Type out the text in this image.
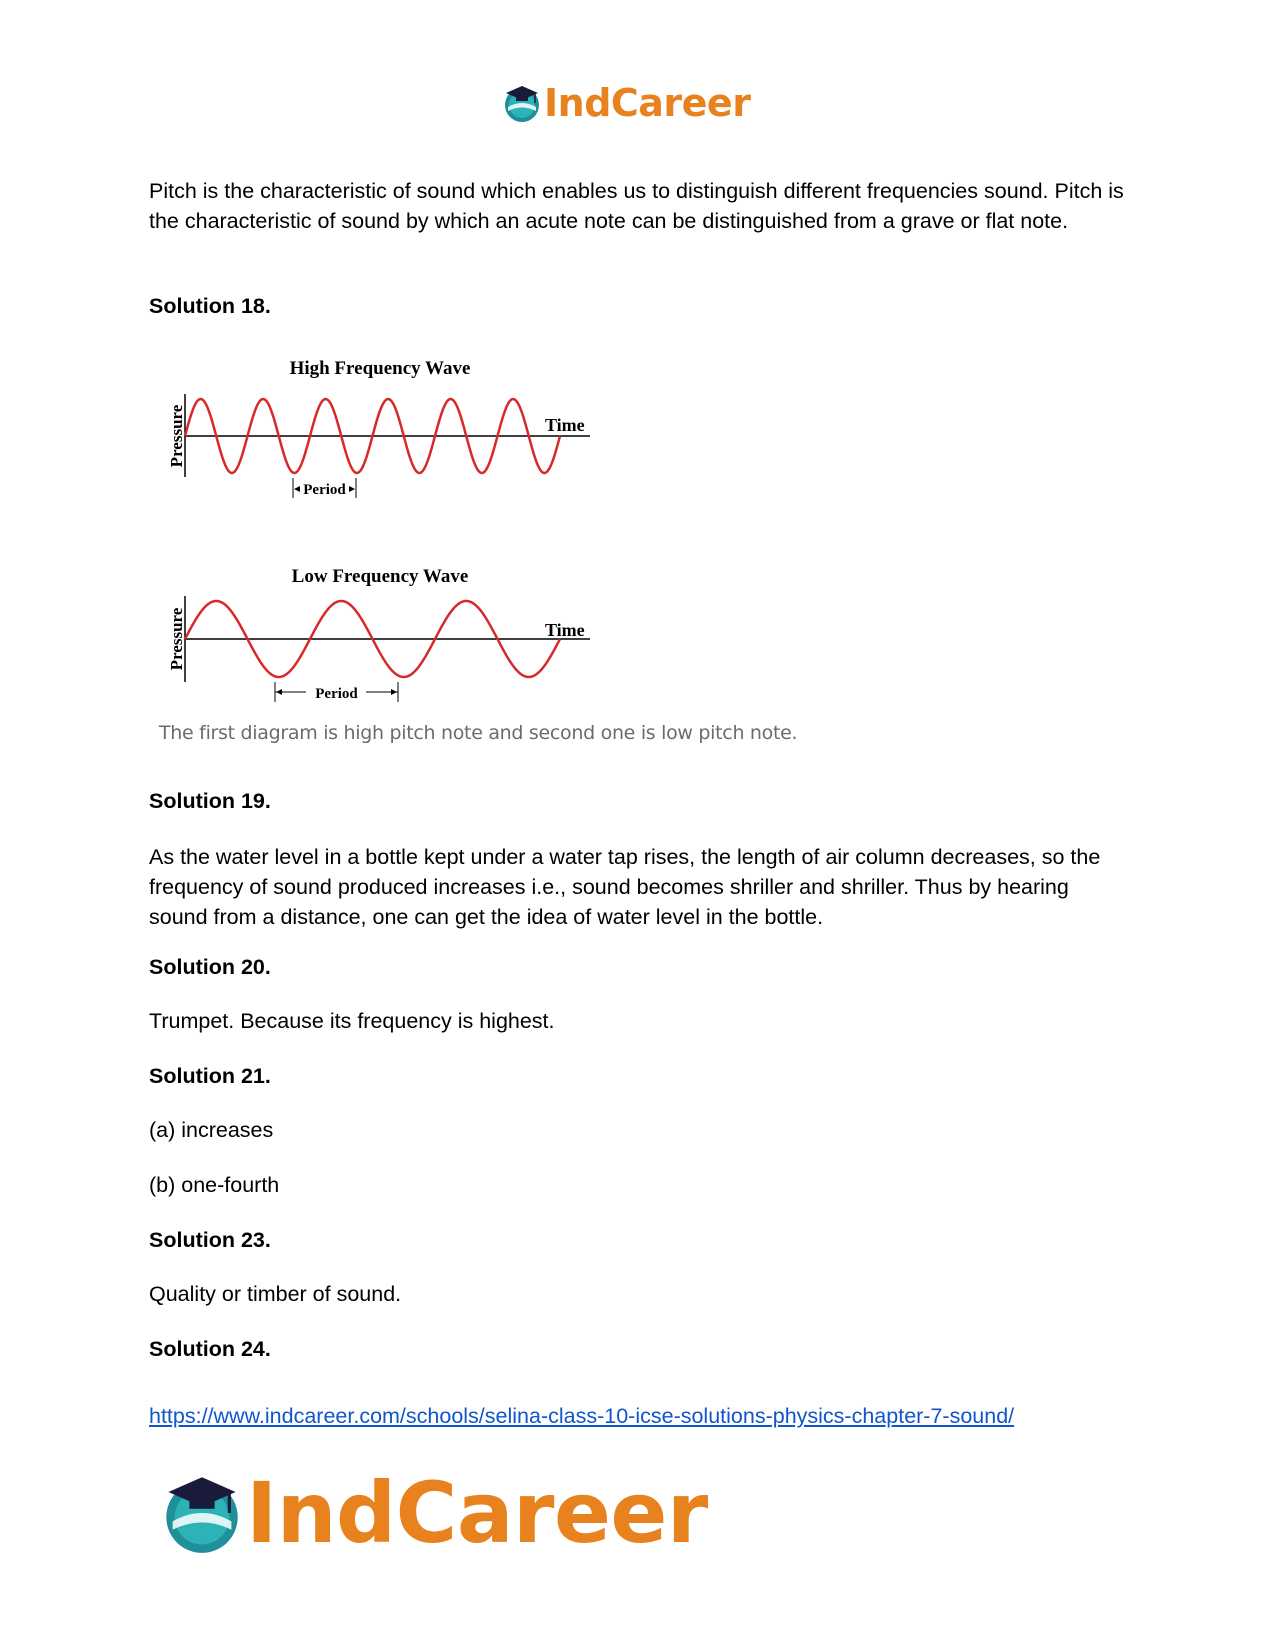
IndCareer
Pitch is the characteristic of sound which enables us to distinguish different frequencies sound. Pitch is the characteristic of sound by which an acute note can be distinguished from a grave or flat note.
Solution 18.
High Frequency Wave
Pressure	Time
Period
Low Frequency Wave
Pressure	Time
Period
The first diagram is high pitch note and second one is low pitch note.
Solution 19.
As the water level in a bottle kept under a water tap rises, the length of air column decreases, so the frequency of sound produced increases i.e., sound becomes shriller and shriller. Thus by hearing sound from a distance, one can get the idea of water level in the bottle.
Solution 20.
Trumpet. Because its frequency is highest.
Solution 21.
(a) increases
(b) one-fourth
Solution 23.
Quality or timber of sound.
Solution 24.
https://www.indcareer.com/schools/selina-class-10-icse-solutions-physics-chapter-7-sound/
IndCareer
